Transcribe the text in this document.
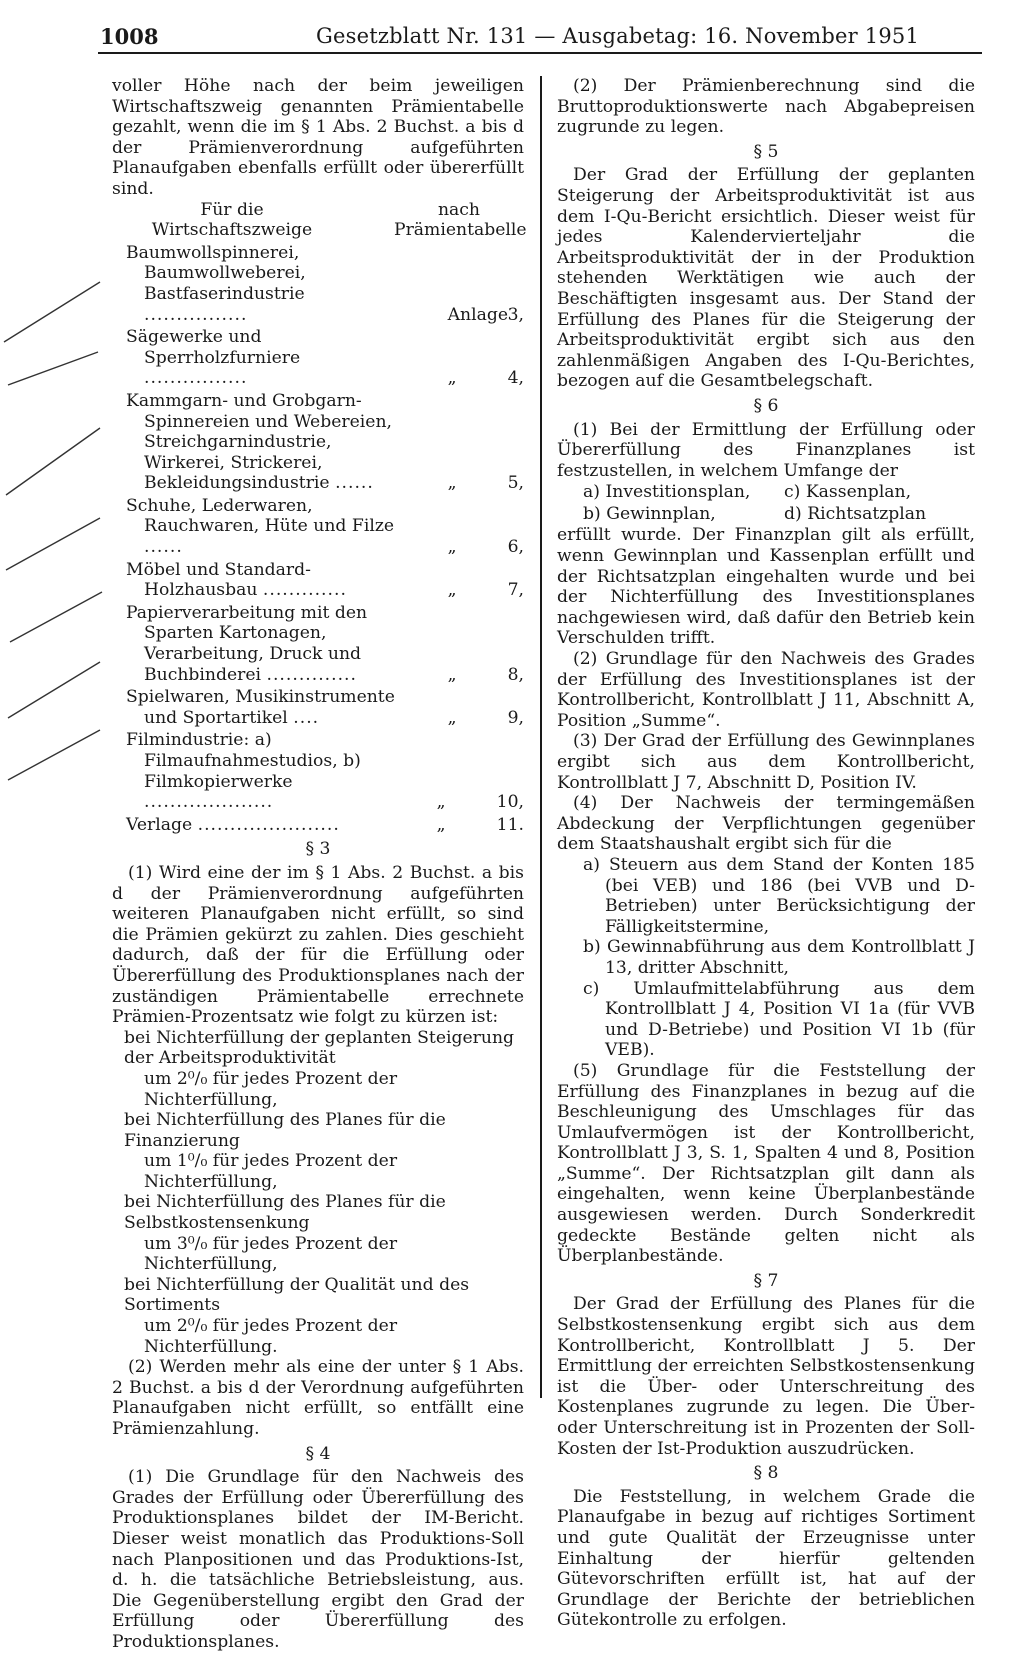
1008	Gesetzblatt Nr. 131 — Ausgabetag: 16. November 1951

voller Höhe nach der beim jeweiligen Wirtschaftszweig genannten Prämientabelle gezahlt, wenn die im § 1 Abs. 2 Buchst. a bis d der Prämienverordnung aufgeführten Planaufgaben ebenfalls erfüllt oder übererfüllt sind.

Für die Wirtschaftszweige
nach Prämientabelle
Baumwollspinnerei, Baumwollweberei, Bastfaserindustrie ................	Anlage3,
Sägewerke und Sperrholzfurniere ................	„	4,
Kammgarn- und Grobgarn-Spinnereien und Webereien, Streichgarnindustrie, Wirkerei, Strickerei, Bekleidungsindustrie ......	„	5,
Schuhe, Lederwaren, Rauchwaren, Hüte und Filze ......	„	6,
Möbel und Standard-Holzhausbau .............	„	7,
Papierverarbeitung mit den Sparten Kartonagen, Verarbeitung, Druck und Buchbinderei ..............	„	8,
Spielwaren, Musikinstrumente und Sportartikel ....	„	9,
Filmindustrie: a) Filmaufnahmestudios, b) Filmkopierwerke ....................	„	10,
Verlage ......................	„	11.

§ 3

(1) Wird eine der im § 1 Abs. 2 Buchst. a bis d der Prämienverordnung aufgeführten weiteren Planaufgaben nicht erfüllt, so sind die Prämien gekürzt zu zahlen. Dies geschieht dadurch, daß der für die Erfüllung oder Übererfüllung des Produktionsplanes nach der zuständigen Prämientabelle errechnete Prämien-Prozentsatz wie folgt zu kürzen ist:

bei Nichterfüllung der geplanten Steigerung der Arbeitsproduktivität

um 2⁰/₀ für jedes Prozent der Nichterfüllung,

bei Nichterfüllung des Planes für die Finanzierung

um 1⁰/₀ für jedes Prozent der Nichterfüllung,

bei Nichterfüllung des Planes für die Selbstkostensenkung

um 3⁰/₀ für jedes Prozent der Nichterfüllung,

bei Nichterfüllung der Qualität und des Sortiments

um 2⁰/₀ für jedes Prozent der Nichterfüllung.

(2) Werden mehr als eine der unter § 1 Abs. 2 Buchst. a bis d der Verordnung aufgeführten Planaufgaben nicht erfüllt, so entfällt eine Prämienzahlung.

§ 4

(1) Die Grundlage für den Nachweis des Grades der Erfüllung oder Übererfüllung des Produktionsplanes bildet der IM-Bericht. Dieser weist monatlich das Produktions-Soll nach Planpositionen und das Produktions-Ist, d. h. die tatsächliche Betriebsleistung, aus. Die Gegenüberstellung ergibt den Grad der Erfüllung oder Übererfüllung des Produktionsplanes.

(2) Der Prämienberechnung sind die Bruttoproduktionswerte nach Abgabepreisen zugrunde zu legen.

§ 5

Der Grad der Erfüllung der geplanten Steigerung der Arbeitsproduktivität ist aus dem I-Qu-Bericht ersichtlich. Dieser weist für jedes Kalendervierteljahr die Arbeitsproduktivität der in der Produktion stehenden Werktätigen wie auch der Beschäftigten insgesamt aus. Der Stand der Erfüllung des Planes für die Steigerung der Arbeitsproduktivität ergibt sich aus den zahlenmäßigen Angaben des I-Qu-Berichtes, bezogen auf die Gesamtbelegschaft.

§ 6

(1) Bei der Ermittlung der Erfüllung oder Übererfüllung des Finanzplanes ist festzustellen, in welchem Umfange der

a) Investitionsplan,	c) Kassenplan,
b) Gewinnplan,	d) Richtsatzplan

erfüllt wurde. Der Finanzplan gilt als erfüllt, wenn Gewinnplan und Kassenplan erfüllt und der Richtsatzplan eingehalten wurde und bei der Nichterfüllung des Investitionsplanes nachgewiesen wird, daß dafür den Betrieb kein Verschulden trifft.

(2) Grundlage für den Nachweis des Grades der Erfüllung des Investitionsplanes ist der Kontrollbericht, Kontrollblatt J 11, Abschnitt A, Position „Summe“.

(3) Der Grad der Erfüllung des Gewinnplanes ergibt sich aus dem Kontrollbericht, Kontrollblatt J 7, Abschnitt D, Position IV.

(4) Der Nachweis der termingemäßen Abdeckung der Verpflichtungen gegenüber dem Staatshaushalt ergibt sich für die

a) Steuern aus dem Stand der Konten 185 (bei VEB) und 186 (bei VVB und D-Betrieben) unter Berücksichtigung der Fälligkeitstermine,

b) Gewinnabführung aus dem Kontrollblatt J 13, dritter Abschnitt,

c) Umlaufmittelabführung aus dem Kontrollblatt J 4, Position VI 1a (für VVB und D-Betriebe) und Position VI 1b (für VEB).

(5) Grundlage für die Feststellung der Erfüllung des Finanzplanes in bezug auf die Beschleunigung des Umschlages für das Umlaufvermögen ist der Kontrollbericht, Kontrollblatt J 3, S. 1, Spalten 4 und 8, Position „Summe“. Der Richtsatzplan gilt dann als eingehalten, wenn keine Überplanbestände ausgewiesen werden. Durch Sonderkredit gedeckte Bestände gelten nicht als Überplanbestände.

§ 7

Der Grad der Erfüllung des Planes für die Selbstkostensenkung ergibt sich aus dem Kontrollbericht, Kontrollblatt J 5. Der Ermittlung der erreichten Selbstkostensenkung ist die Über- oder Unterschreitung des Kostenplanes zugrunde zu legen. Die Über- oder Unterschreitung ist in Prozenten der Soll-Kosten der Ist-Produktion auszudrücken.

§ 8

Die Feststellung, in welchem Grade die Planaufgabe in bezug auf richtiges Sortiment und gute Qualität der Erzeugnisse unter Einhaltung der hierfür geltenden Gütevorschriften erfüllt ist, hat auf der Grundlage der Berichte der betrieblichen Gütekontrolle zu erfolgen.
